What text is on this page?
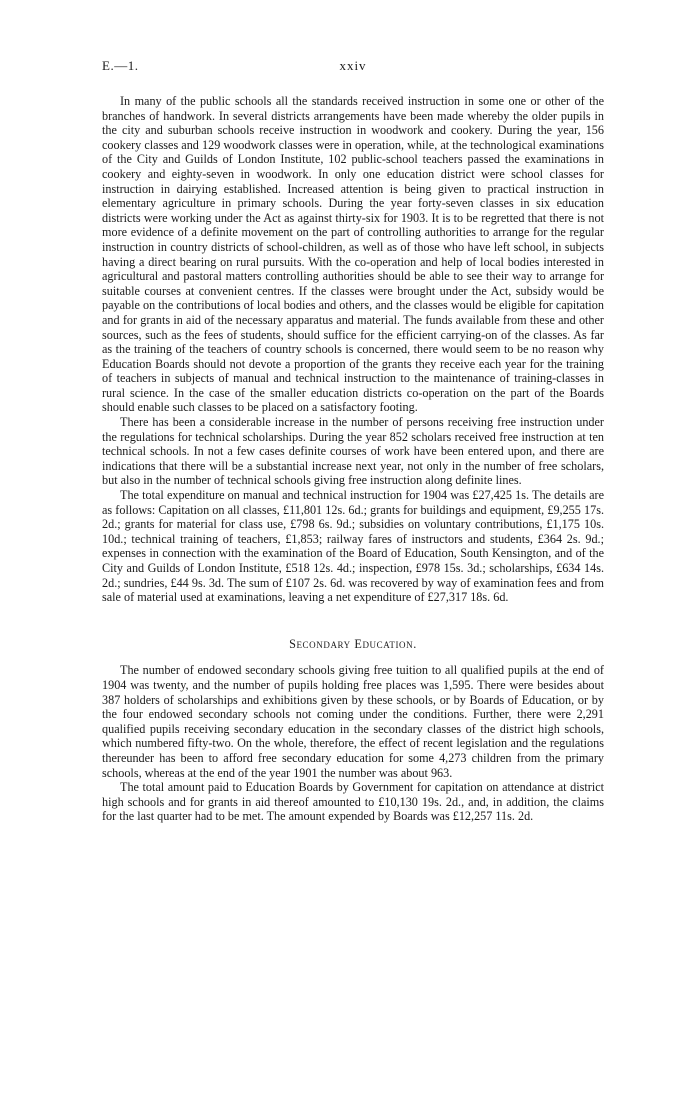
E.—1.	xxiv

In many of the public schools all the standards received instruction in some one or other of the branches of handwork. In several districts arrangements have been made whereby the older pupils in the city and suburban schools receive instruction in woodwork and cookery. During the year, 156 cookery classes and 129 woodwork classes were in operation, while, at the technological examinations of the City and Guilds of London Institute, 102 public-school teachers passed the examinations in cookery and eighty-seven in woodwork. In only one education district were school classes for instruction in dairying established. Increased attention is being given to practical instruction in elementary agriculture in primary schools. During the year forty-seven classes in six education districts were working under the Act as against thirty-six for 1903. It is to be regretted that there is not more evidence of a definite movement on the part of controlling authorities to arrange for the regular instruction in country districts of school-children, as well as of those who have left school, in subjects having a direct bearing on rural pursuits. With the co-operation and help of local bodies interested in agricultural and pastoral matters controlling authorities should be able to see their way to arrange for suitable courses at convenient centres. If the classes were brought under the Act, subsidy would be payable on the contributions of local bodies and others, and the classes would be eligible for capitation and for grants in aid of the necessary apparatus and material. The funds available from these and other sources, such as the fees of students, should suffice for the efficient carrying-on of the classes. As far as the training of the teachers of country schools is concerned, there would seem to be no reason why Education Boards should not devote a proportion of the grants they receive each year for the training of teachers in subjects of manual and technical instruction to the maintenance of training-classes in rural science. In the case of the smaller education districts co-operation on the part of the Boards should enable such classes to be placed on a satisfactory footing.

There has been a considerable increase in the number of persons receiving free instruction under the regulations for technical scholarships. During the year 852 scholars received free instruction at ten technical schools. In not a few cases definite courses of work have been entered upon, and there are indications that there will be a substantial increase next year, not only in the number of free scholars, but also in the number of technical schools giving free instruction along definite lines.

The total expenditure on manual and technical instruction for 1904 was £27,425 1s. The details are as follows: Capitation on all classes, £11,801 12s. 6d.; grants for buildings and equipment, £9,255 17s. 2d.; grants for material for class use, £798 6s. 9d.; subsidies on voluntary contributions, £1,175 10s. 10d.; technical training of teachers, £1,853; railway fares of instructors and students, £364 2s. 9d.; expenses in connection with the examination of the Board of Education, South Kensington, and of the City and Guilds of London Institute, £518 12s. 4d.; inspection, £978 15s. 3d.; scholarships, £634 14s. 2d.; sundries, £44 9s. 3d. The sum of £107 2s. 6d. was recovered by way of examination fees and from sale of material used at examinations, leaving a net expenditure of £27,317 18s. 6d.

Secondary Education.

The number of endowed secondary schools giving free tuition to all qualified pupils at the end of 1904 was twenty, and the number of pupils holding free places was 1,595. There were besides about 387 holders of scholarships and exhibitions given by these schools, or by Boards of Education, or by the four endowed secondary schools not coming under the conditions. Further, there were 2,291 qualified pupils receiving secondary education in the secondary classes of the district high schools, which numbered fifty-two. On the whole, therefore, the effect of recent legislation and the regulations thereunder has been to afford free secondary education for some 4,273 children from the primary schools, whereas at the end of the year 1901 the number was about 963.

The total amount paid to Education Boards by Government for capitation on attendance at district high schools and for grants in aid thereof amounted to £10,130 19s. 2d., and, in addition, the claims for the last quarter had to be met. The amount expended by Boards was £12,257 11s. 2d.
